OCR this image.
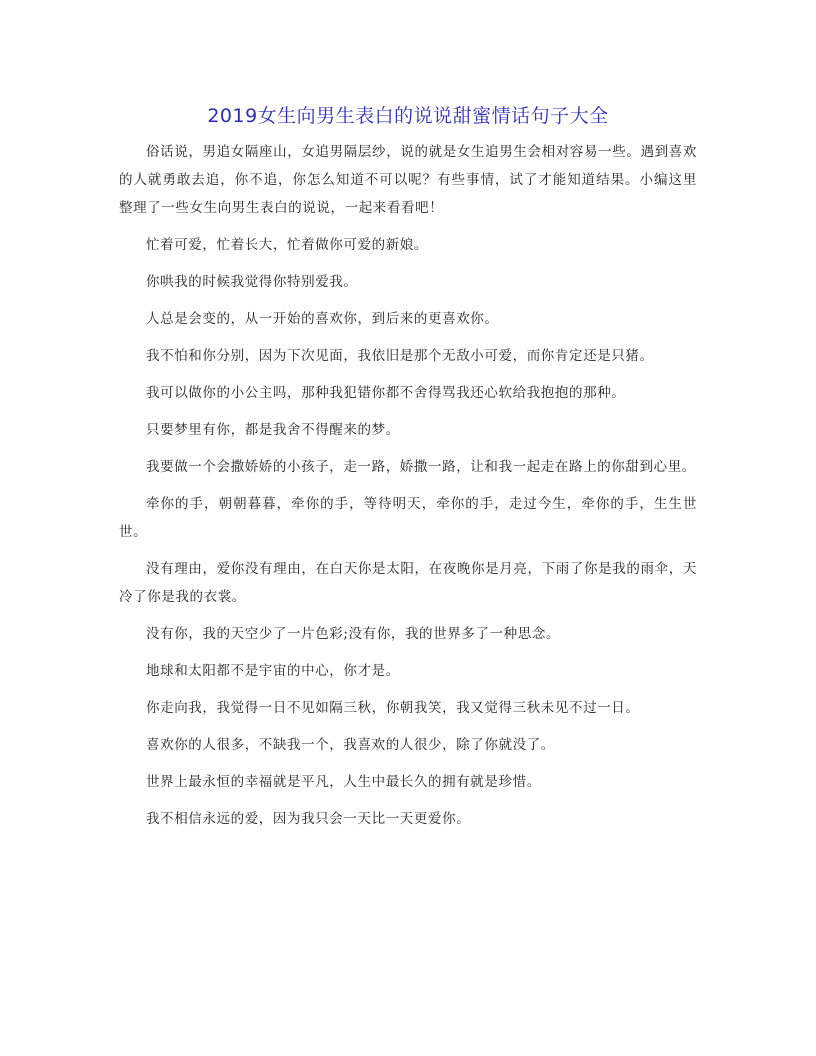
2019女生向男生表白的说说甜蜜情话句子大全

俗话说，男追女隔座山，女追男隔层纱，说的就是女生追男生会相对容易一些。遇到喜欢的人就勇敢去追，你不追，你怎么知道不可以呢？有些事情，试了才能知道结果。小编这里整理了一些女生向男生表白的说说，一起来看看吧！

忙着可爱，忙着长大，忙着做你可爱的新娘。

你哄我的时候我觉得你特别爱我。

人总是会变的，从一开始的喜欢你，到后来的更喜欢你。

我不怕和你分别，因为下次见面，我依旧是那个无敌小可爱，而你肯定还是只猪。

我可以做你的小公主吗，那种我犯错你都不舍得骂我还心软给我抱抱的那种。

只要梦里有你，都是我舍不得醒来的梦。

我要做一个会撒娇娇的小孩子，走一路，娇撒一路，让和我一起走在路上的你甜到心里。

牵你的手，朝朝暮暮，牵你的手，等待明天，牵你的手，走过今生，牵你的手，生生世世。

没有理由，爱你没有理由，在白天你是太阳，在夜晚你是月亮，下雨了你是我的雨伞，天冷了你是我的衣裳。

没有你，我的天空少了一片色彩;没有你，我的世界多了一种思念。

地球和太阳都不是宇宙的中心，你才是。

你走向我，我觉得一日不见如隔三秋，你朝我笑，我又觉得三秋未见不过一日。

喜欢你的人很多，不缺我一个，我喜欢的人很少，除了你就没了。

世界上最永恒的幸福就是平凡，人生中最长久的拥有就是珍惜。

我不相信永远的爱，因为我只会一天比一天更爱你。
